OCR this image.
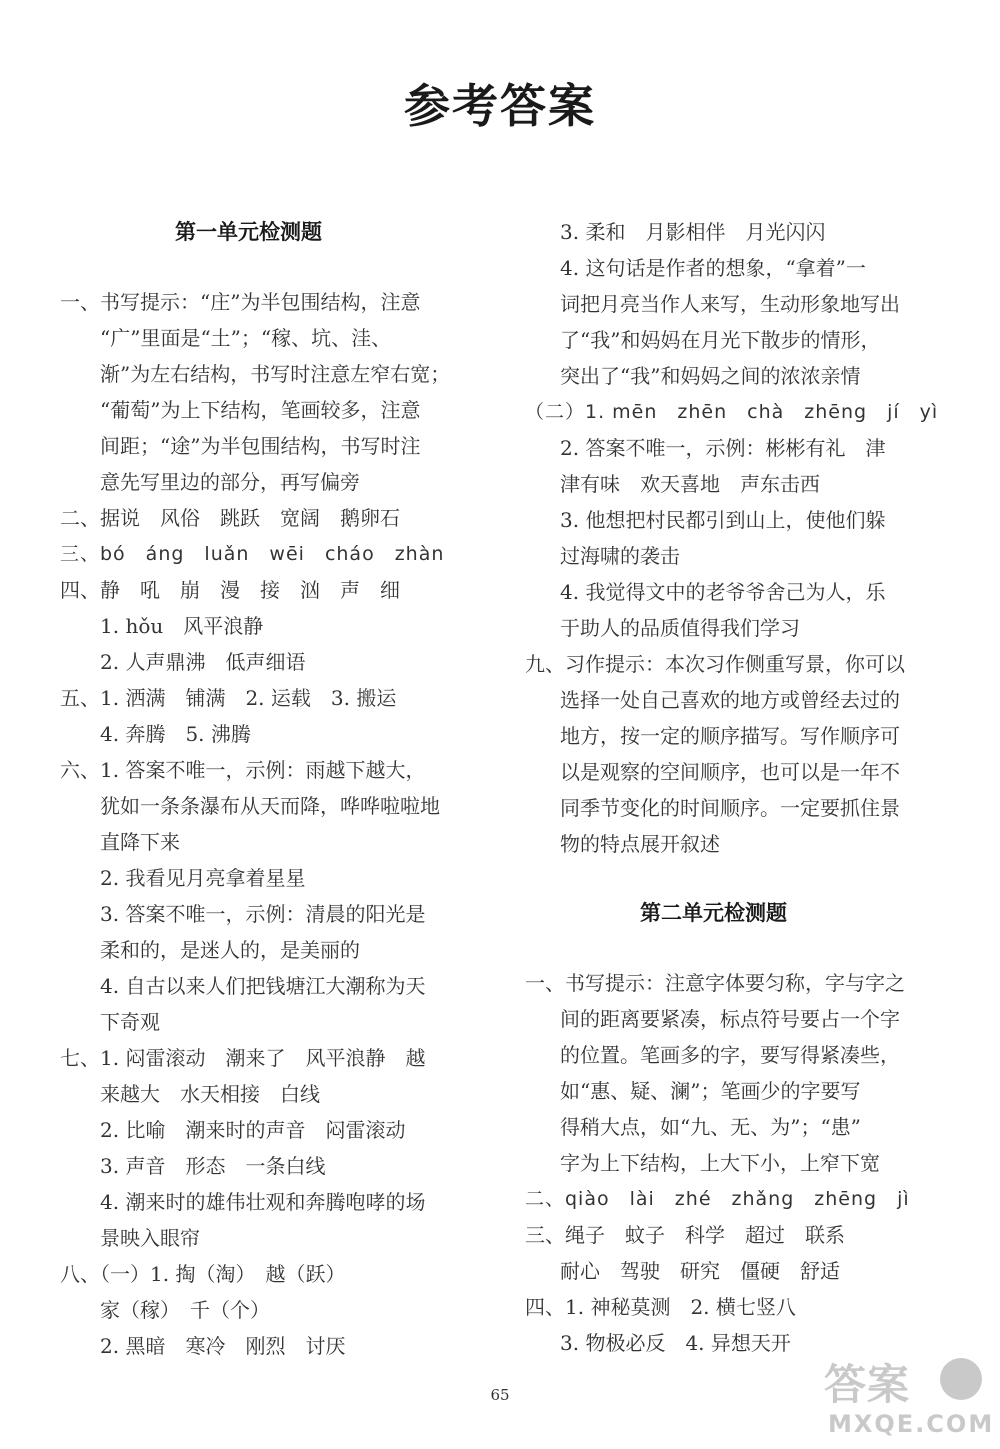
参考答案
第一单元检测题
一、书写提示：“庄”为半包围结构，注意
“广”里面是“土”；“稼、坑、洼、
渐”为左右结构，书写时注意左窄右宽；
“葡萄”为上下结构，笔画较多，注意
间距；“途”为半包围结构，书写时注
意先写里边的部分，再写偏旁
二、据说　风俗　跳跃　宽阔　鹅卵石
三、bó　áng　luǎn　wēi　cháo　zhàn
四、静　吼　崩　漫　接　汹　声　细
1. hǒu　风平浪静
2. 人声鼎沸　低声细语
五、1. 洒满　铺满　2. 运载　3. 搬运
4. 奔腾　5. 沸腾
六、1. 答案不唯一，示例：雨越下越大，
犹如一条条瀑布从天而降，哗哗啦啦地
直降下来
2. 我看见月亮拿着星星
3. 答案不唯一，示例：清晨的阳光是
柔和的，是迷人的，是美丽的
4. 自古以来人们把钱塘江大潮称为天
下奇观
七、1. 闷雷滚动　潮来了　风平浪静　越
来越大　水天相接　白线
2. 比喻　潮来时的声音　闷雷滚动
3. 声音　形态　一条白线
4. 潮来时的雄伟壮观和奔腾咆哮的场
景映入眼帘
八、（一）1. 掏（淘）　越（跃）
家（稼）　千（个）
2. 黑暗　寒冷　刚烈　讨厌
3. 柔和　月影相伴　月光闪闪
4. 这句话是作者的想象，“拿着”一
词把月亮当作人来写，生动形象地写出
了“我”和妈妈在月光下散步的情形，
突出了“我”和妈妈之间的浓浓亲情
（二）1. mēn　zhēn　chà　zhēng　jí　yì
2. 答案不唯一，示例：彬彬有礼　津
津有味　欢天喜地　声东击西
3. 他想把村民都引到山上，使他们躲
过海啸的袭击
4. 我觉得文中的老爷爷舍己为人，乐
于助人的品质值得我们学习
九、习作提示：本次习作侧重写景，你可以
选择一处自己喜欢的地方或曾经去过的
地方，按一定的顺序描写。写作顺序可
以是观察的空间顺序，也可以是一年不
同季节变化的时间顺序。一定要抓住景
物的特点展开叙述
第二单元检测题
一、书写提示：注意字体要匀称，字与字之
间的距离要紧凑，标点符号要占一个字
的位置。笔画多的字，要写得紧凑些，
如“惠、疑、澜”；笔画少的字要写
得稍大点，如“九、无、为”；“患”
字为上下结构，上大下小，上窄下宽
二、qiào　lài　zhé　zhǎng　zhēng　jì
三、绳子　蚊子　科学　超过　联系
耐心　驾驶　研究　僵硬　舒适
四、1. 神秘莫测　2. 横七竖八
3. 物极必反　4. 异想天开
65	答案
MXQE.COM
